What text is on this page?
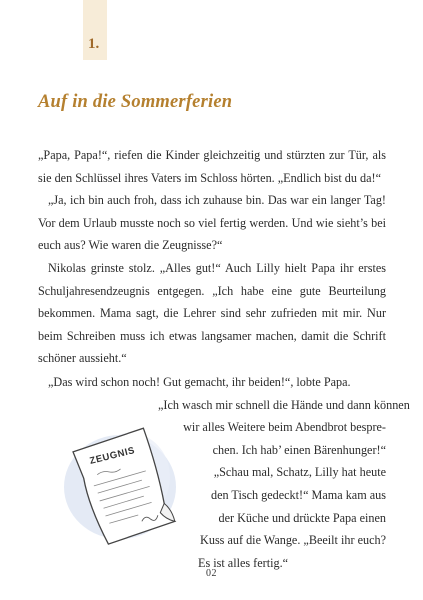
1.
Auf in die Sommerferien

„Papa, Papa!“, riefen die Kinder gleichzeitig und stürzten zur Tür, als sie den Schlüssel ihres Vaters im Schloss hörten. „Endlich bist du da!“

„Ja, ich bin auch froh, dass ich zuhause bin. Das war ein langer Tag! Vor dem Urlaub musste noch so viel fertig werden. Und wie sieht’s bei euch aus? Wie waren die Zeugnisse?“

Nikolas grinste stolz. „Alles gut!“ Auch Lilly hielt Papa ihr erstes Schuljahresendzeugnis entgegen. „Ich habe eine gute Beurteilung bekommen. Mama sagt, die Lehrer sind sehr zufrieden mit mir. Nur beim Schreiben muss ich etwas langsamer machen, damit die Schrift schöner aussieht.“

„Das wird schon noch! Gut gemacht, ihr beiden!“, lobte Papa.

„Ich wasch mir schnell die Hände und dann können

wir alles Weitere beim Abendbrot bespre-

chen. Ich hab’ einen Bärenhunger!“

„Schau mal, Schatz, Lilly hat heute

den Tisch gedeckt!“ Mama kam aus

der Küche und drückte Papa einen

Kuss auf die Wange. „Beeilt ihr euch?

Es ist alles fertig.“

ZEUGNIS
02
